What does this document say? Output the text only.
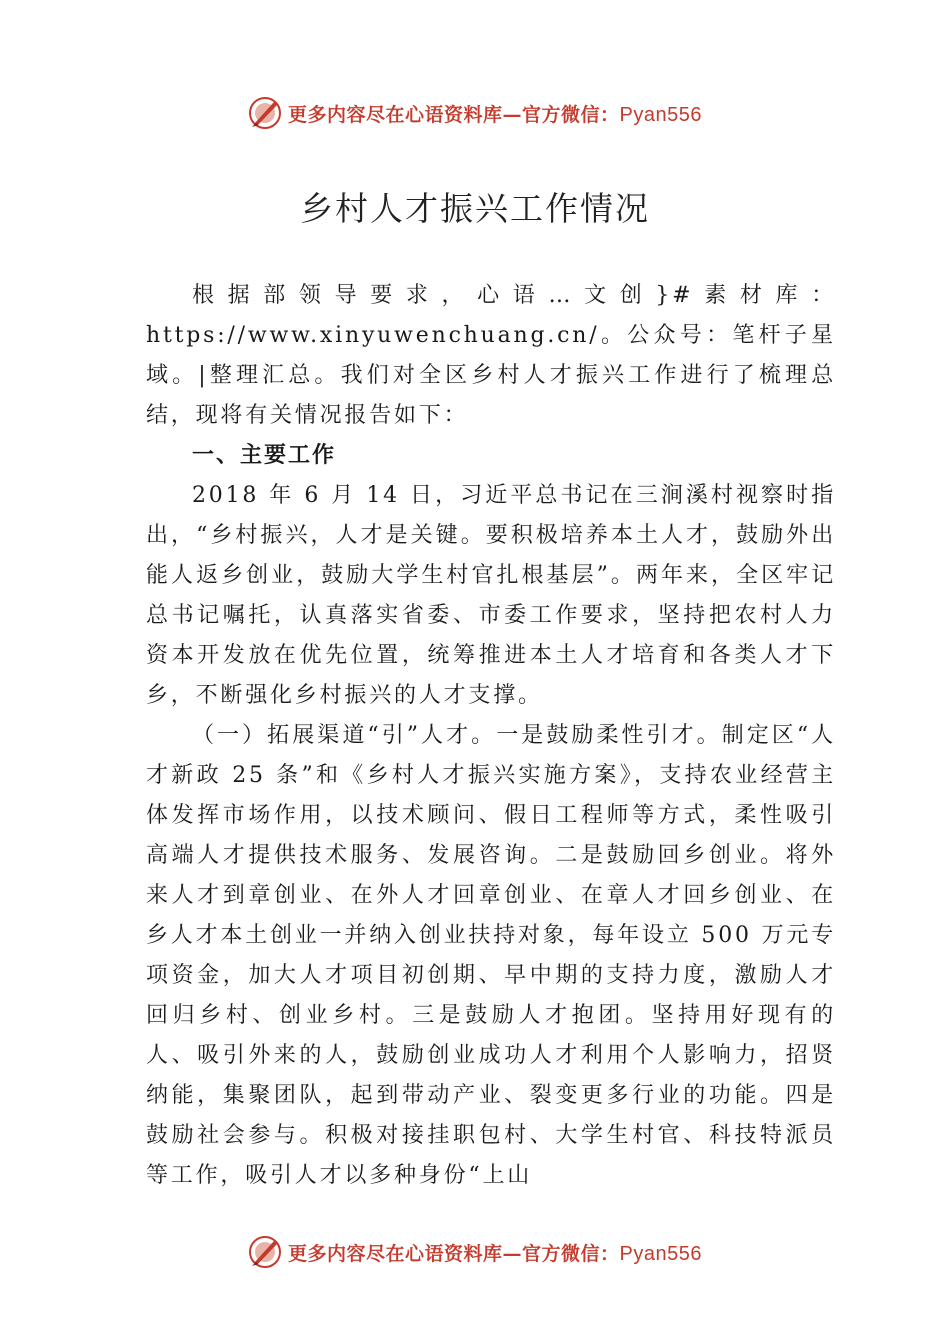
更多内容尽在心语资料库—官方微信：Pyan556
乡村人才振兴工作情况

根据部领导要求，心语…文创}#素材库：https://www.xinyuwenchuang.cn/。公众号：笔杆子星域。|整理汇总。我们对全区乡村人才振兴工作进行了梳理总结，现将有关情况报告如下：

一、主要工作

2018 年 6 月 14 日，习近平总书记在三涧溪村视察时指出，“乡村振兴，人才是关键。要积极培养本土人才，鼓励外出能人返乡创业，鼓励大学生村官扎根基层”。两年来，全区牢记总书记嘱托，认真落实省委、市委工作要求，坚持把农村人力资本开发放在优先位置，统筹推进本土人才培育和各类人才下乡，不断强化乡村振兴的人才支撑。

（一）拓展渠道“引”人才。一是鼓励柔性引才。制定区“人才新政 25 条”和《乡村人才振兴实施方案》，支持农业经营主体发挥市场作用，以技术顾问、假日工程师等方式，柔性吸引高端人才提供技术服务、发展咨询。二是鼓励回乡创业。将外来人才到章创业、在外人才回章创业、在章人才回乡创业、在乡人才本土创业一并纳入创业扶持对象，每年设立 500 万元专项资金，加大人才项目初创期、早中期的支持力度，激励人才回归乡村、创业乡村。三是鼓励人才抱团。坚持用好现有的人、吸引外来的人，鼓励创业成功人才利用个人影响力，招贤纳能，集聚团队，起到带动产业、裂变更多行业的功能。四是鼓励社会参与。积极对接挂职包村、大学生村官、科技特派员等工作，吸引人才以多种身份“上山

更多内容尽在心语资料库—官方微信：Pyan556
